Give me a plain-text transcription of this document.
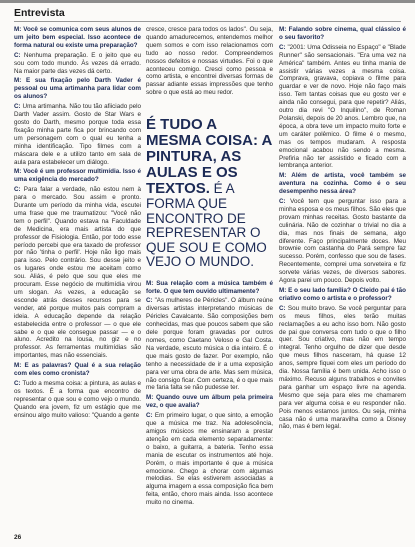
Entrevista

M: Você se comunica com seus alunos de um jeito bem especial. Isso acontece de forma natural ou existe uma preparação?

C: Nenhuma preparação. E o jeito que eu sou com todo mundo. Às vezes dá errado. Na maior parte das vezes dá certo.

M: E sua fixação pelo Darth Vader é pessoal ou uma artimanha para lidar com os alunos?

C: Uma artimanha. Não tou tão afiiciado pelo Darth Vader assim. Gosto de Star Wars e gosto do Darth, mesmo porque toda essa fixação minha parte fica por brincando com um personagem com o qual eu tenha a minha identificação. Tipo filmes com a máscara dele e a utilizo tanto em sala de aula para estabelecer um diálogo.

M: Você é um professor multimídia. Isso é uma exigência do mercado?

C: Para falar a verdade, não estou nem à para o mercado. Sou assim e pronto. Durante um período da minha vida, escutei uma frase que me traumatizou: "Você não tem o perfil". Quando estava na Faculdade de Medicina, era mais artista do que professor de Fisiologia. Então, por todo esse período percebi que era taxado de professor por não 'tinha o perfil'. Hoje não ligo mais para isso. Pelo contrário. Sou desse jeito e os lugares onde estou me aceitam como sou. Aliás, é pelo que sou que eles me procuram. Esse negócio de multimídia virou um slogan. As vezes, a educação se esconde atrás desses recursos para se vender, até porque muitos pais compram a ideia. A educação depende da relação estabelecida entre o professor — o que ele sabe e o que ele consegue passar — e o aluno. Acredito na lousa, no giz e no professor. As ferramentas multimídias são importantes, mas não essenciais.

M: E as palavras? Qual é a sua relação com eles como cronista?

C: Tudo a mesma coisa: a pintura, as aulas e os textos. É a forma que encontro de representar o que sou e como vejo o mundo. Quando era jovem, fiz um estágio que me ensinou algo muito valioso: "Quando a gente

cresce, cresce para todos os lados". Ou seja, quando amadurecemos, entendemos melhor quem somos e com isso relacionamos com tudo ao nosso redor. Compreendemos nossos defeitos e nossas virtudes. Foi o que aconteceu comigo. Cresci como pessoa e como artista, e encontrei diversas formas de passar adiante essas impressões que tenho sobre o que está ao meu redor.

É TUDO A MESMA COISA: A PINTURA, AS AULAS E OS TEXTOS. É A FORMA QUE ENCONTRO DE REPRESENTAR O QUE SOU E COMO VEJO O MUNDO.

M: Sua relação com a música também é forte. O que tem ouvido ultimamente?

C: "As mulheres de Péricles". O álbum reúne diversas artistas interpretando músicas de Péricles Cavalcante. São composições bem conhecidas, mas que poucos sabem que são dele porque foram gravadas por outros nomes, como Caetano Veloso e Gal Costa. Na verdade, escuto música o dia inteiro. É o que mais gosto de fazer. Por exemplo, não tenho a necessidade de ir a uma exposição para ver uma obra de arte. Mas sem música, não consigo ficar. Com certeza, é o que mais me faria falta se não pudesse ter.

M: Quando ouve um álbum pela primeira vez, o que avalia?

C: Em primeiro lugar, o que sinto, a emoção que a música me traz. Na adolescência, amigos músicos me ensinaram a prestar atenção em cada elemento separadamente: o baixo, a guitarra, a bateria. Tenho essa mania de escutar os instrumentos até hoje. Porém, o mais importante é que a música emocione. Chego a chorar com algumas melodias. Se elas estiverem associadas a alguma imagem a essa composição fica bem feita, então, choro mais ainda. Isso acontece muito no cinema.

M: Falando sobre cinema, qual clássico é o seu favorito?

C: "2001: Uma Odisseia no Espaço" e "Blade Runner" são sensacionais. "Era uma vez na América" também. Antes eu tinha mania de assistir várias vezes a mesma coisa. Comprava, gravava, copiava o filme para guardar e ver de novo. Hoje não faço mais isso. Tem tantas coisas que eu gosto ver e ainda não consegui, para que repetir? Aliás, outro dia revi "O Inquilino", de Roman Polanski, depois de 20 anos. Lembro que, na época, a obra teve um impacto muito forte e um caráter polêmico. O filme é o mesmo, mas os tempos mudaram. A resposta emocional acabou não sendo a mesma. Prefiria não ter assistido e ficado com a lembrança anterior.

M: Além de artista, você também se aventura na cozinha. Como é o seu desempenho nessa área?

C: Você tem que perguntar isso para a minha esposa e os meus filhos. São eles que provam minhas receitas. Gosto bastante da culinária. Não de cozinhar o trivial no dia a dia, mas nos finais de semana, algo diferente. Faço principalmente doces. Meu brownie com castanha do Pará sempre faz sucesso. Porém, confesso que sou de fases. Recentemente, comprei uma sorveteira e fiz sorvete várias vezes, de diversos sabores. Agora parei um pouco. Depois volto.

M: E o seu lado família? O Cleido pai é tão criativo como o artista e o professor?

C: Sou muito bravo. Se você perguntar para os meus filhos, eles terão muitas reclamações a eu acho isso bom. Não gosto de pai que conversa com tudo o que o filho quer. Sou criativo, mas não em tempo integral. Tenho orgulho de dizer que desde que meus filhos nasceram, há quase 12 anos, sempre fiquei com eles um período do dia. Nossa família é bem unida. Acho isso o máximo. Recuso alguns trabalhos e convites para ganhar um espaço livre na agenda. Mesmo que seja para eles me chamarem para ver alguma coisa e eu responder não. Pois menos estamos juntos. Ou seja, minha casa não é uma maravilha como a Disney não, mas é bem legal.

26
